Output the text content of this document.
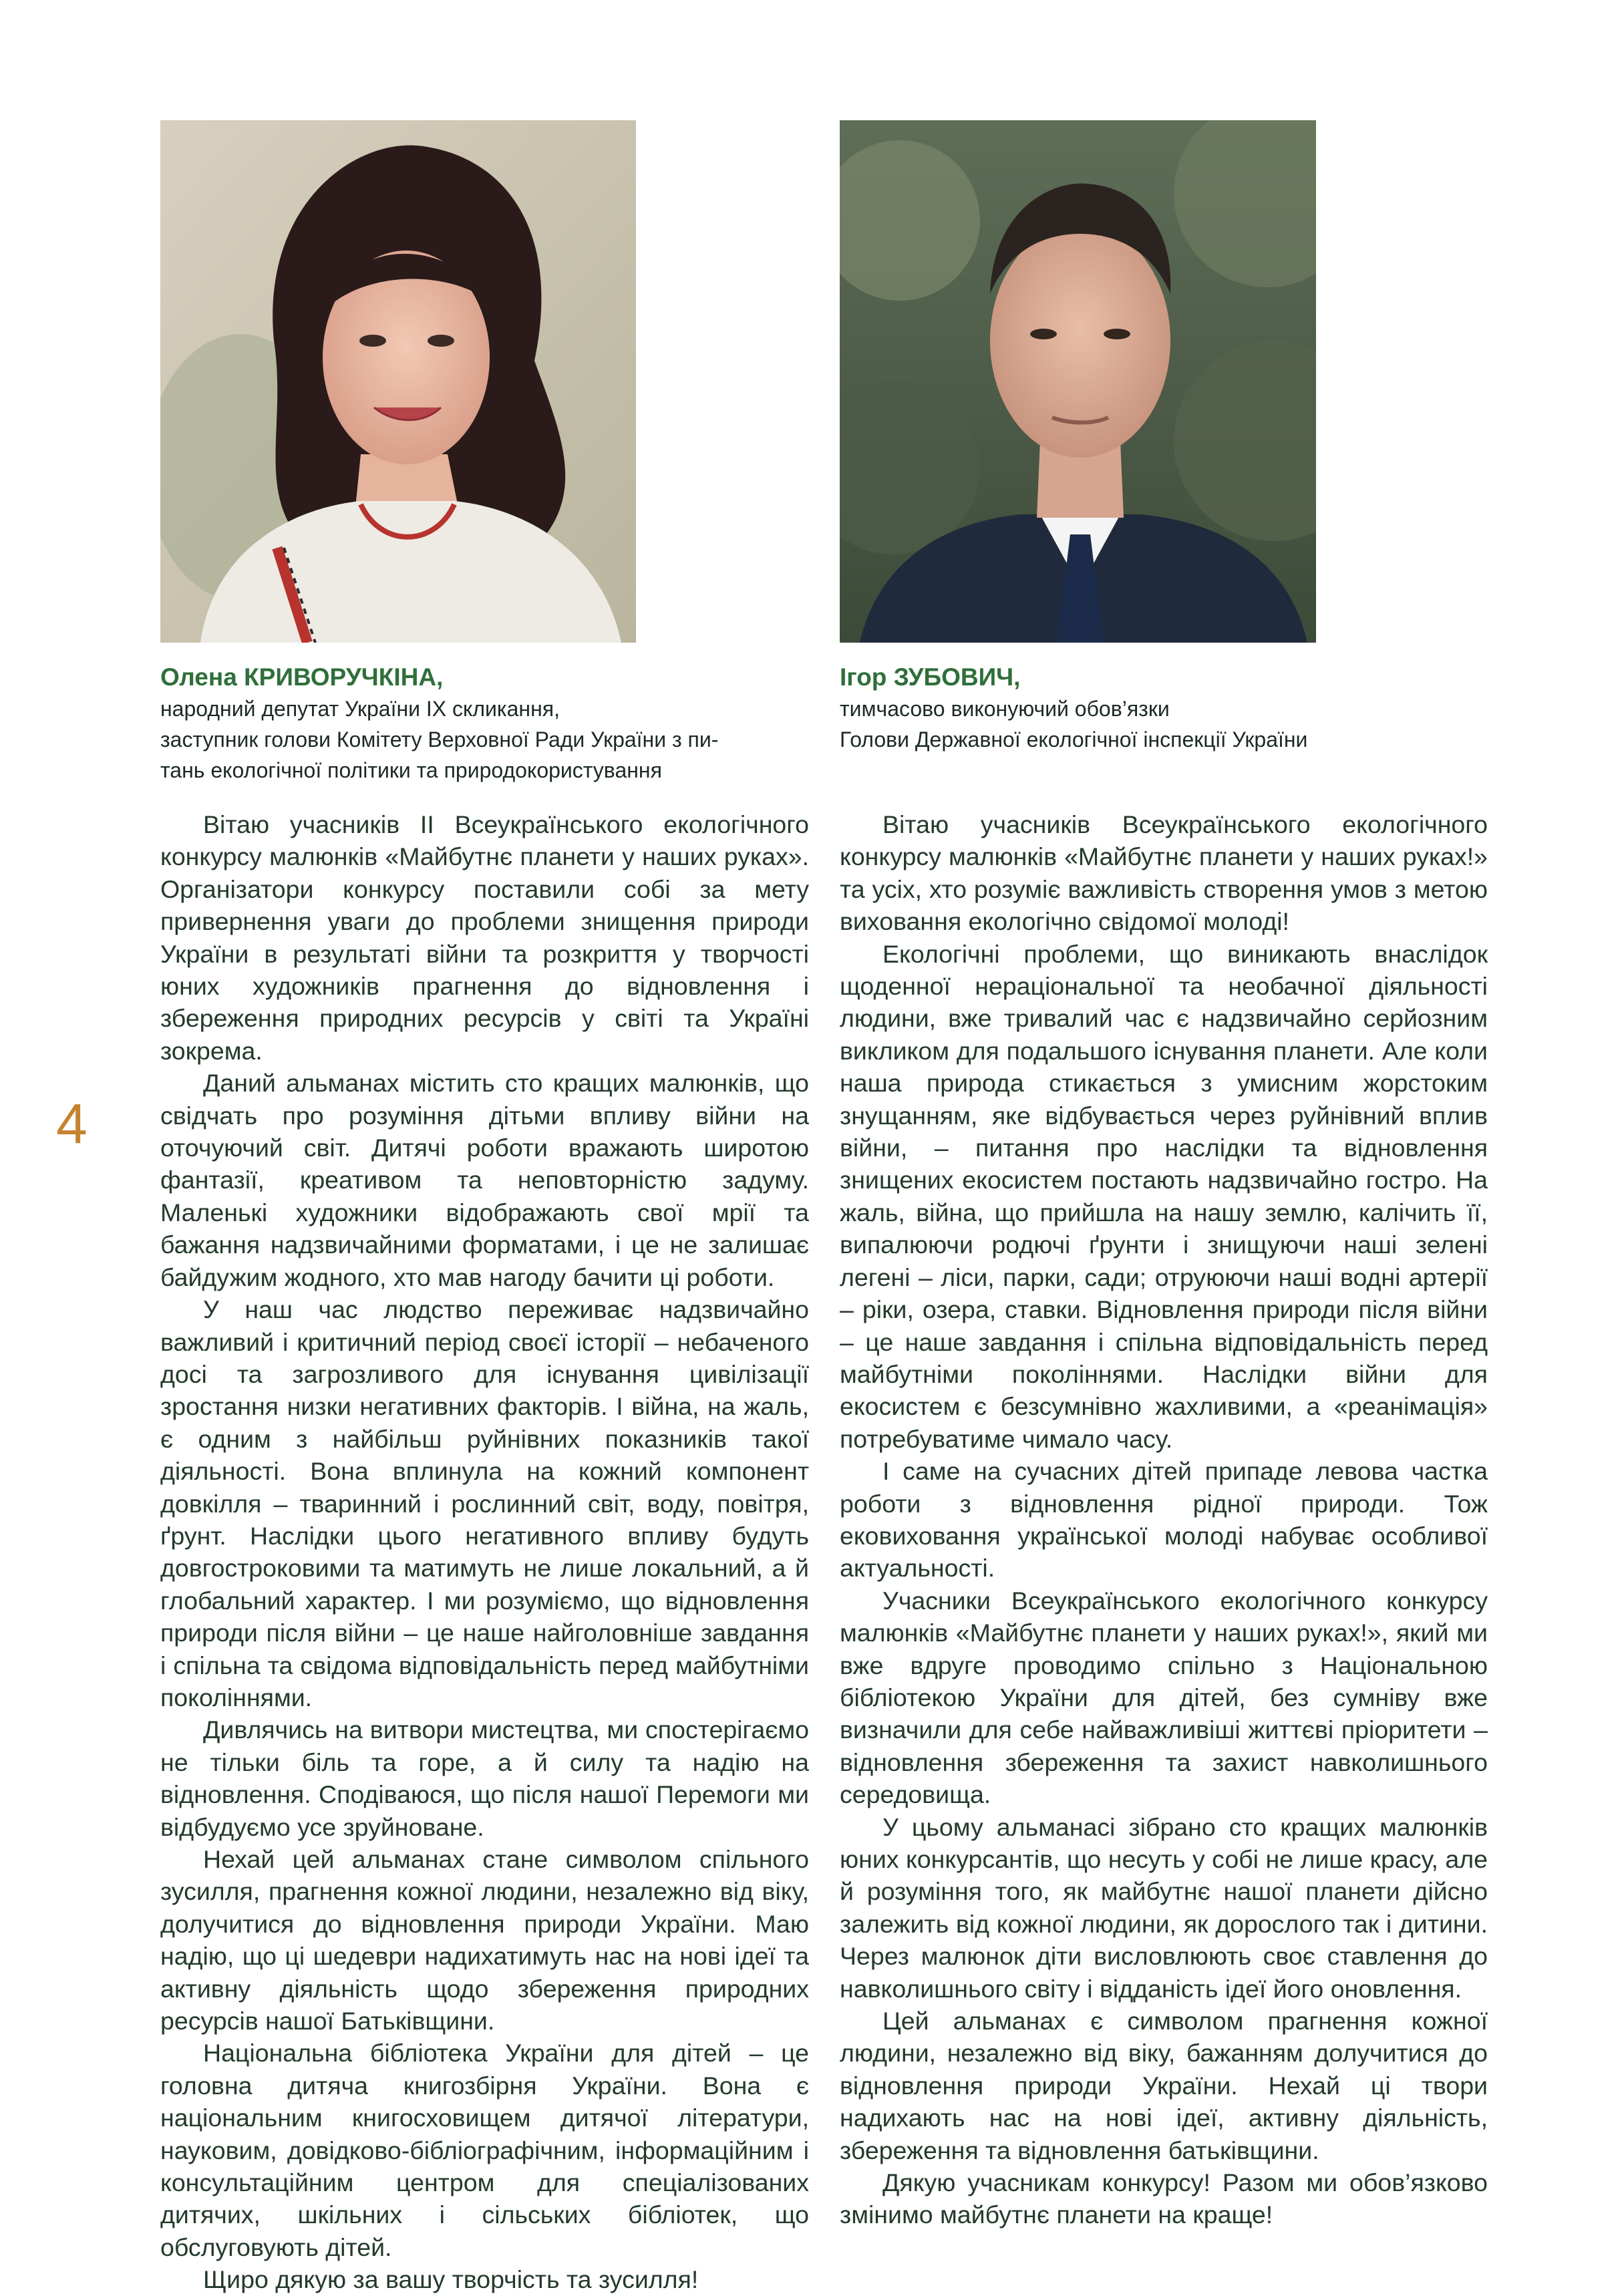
4
Олена КРИВОРУЧКІНА,
народний депутат України IX скликання,
заступник голови Комітету Верховної Ради України з пи-
тань екологічної політики та природокористування
Ігор ЗУБОВИЧ,
тимчасово виконуючий обов’язки
Голови Державної екологічної інспекції України

Вітаю учасників II Всеукраїнського екологічного конкурсу малюнків «Майбутнє планети у наших руках». Організатори конкурсу поставили собі за мету привернення уваги до проблеми знищення природи України в результаті війни та розкриття у творчості юних художників прагнення до відновлення і збереження природних ресурсів у світі та Україні зокрема.

Даний альманах містить сто кращих малюнків, що свідчать про розуміння дітьми впливу війни на оточуючий світ. Дитячі роботи вражають широтою фантазії, креативом та неповторністю задуму. Маленькі художники відображають свої мрії та бажання надзвичайними форматами, і це не залишає байдужим жодного, хто мав нагоду бачити ці роботи.

У наш час людство переживає надзвичайно важливий і критичний період своєї історії – небаченого досі та загрозливого для існування цивілізації зростання низки негативних факторів. І війна, на жаль, є одним з найбільш руйнівних показників такої діяльності. Вона вплинула на кожний компонент довкілля – тваринний і рослинний світ, воду, повітря, ґрунт. Наслідки цього негативного впливу будуть довгостроковими та матимуть не лише локальний, а й глобальний характер. І ми розуміємо, що відновлення природи після війни – це наше найголовніше завдання і спільна та свідома відповідальність перед майбутніми поколіннями.

Дивлячись на витвори мистецтва, ми спостерігаємо не тільки біль та горе, а й силу та надію на відновлення. Сподіваюся, що після нашої Перемоги ми відбудуємо усе зруйноване.

Нехай цей альманах стане символом спільного зусилля, прагнення кожної людини, незалежно від віку, долучитися до відновлення природи України. Маю надію, що ці шедеври надихатимуть нас на нові ідеї та активну діяльність щодо збереження природних ресурсів нашої Батьківщини.

Національна бібліотека України для дітей – це головна дитяча книгозбірня України. Вона є національним книгосховищем дитячої літератури, науковим, довідково-бібліографічним, інформаційним і консультаційним центром для спеціалізованих дитячих, шкільних і сільських бібліотек, що обслуговують дітей.

Щиро дякую за вашу творчість та зусилля!

Вітаю учасників Всеукраїнського екологічного конкурсу малюнків «Майбутнє планети у наших руках!» та усіх, хто розуміє важливість створення умов з метою виховання екологічно свідомої молоді!

Екологічні проблеми, що виникають внаслідок щоденної нераціональної та необачної діяльності людини, вже тривалий час є надзвичайно серйозним викликом для подальшого існування планети. Але коли наша природа стикається з умисним жорстоким знущанням, яке відбувається через руйнівний вплив війни, – питання про наслідки та відновлення знищених екосистем постають надзвичайно гостро. На жаль, війна, що прийшла на нашу землю, калічить її, випалюючи родючі ґрунти і знищуючи наші зелені легені – ліси, парки, сади; отруюючи наші водні артерії – ріки, озера, ставки. Відновлення природи після війни – це наше завдання і спільна відповідальність перед майбутніми поколіннями. Наслідки війни для екосистем є безсумнівно жахливими, а «реанімація» потребуватиме чимало часу.

І саме на сучасних дітей припаде левова частка роботи з відновлення рідної природи. Тож ековиховання української молоді набуває особливої актуальності.

Учасники Всеукраїнського екологічного конкурсу малюнків «Майбутнє планети у наших руках!», який ми вже вдруге проводимо спільно з Національною бібліотекою України для дітей, без сумніву вже визначили для себе найважливіші життєві пріоритети – відновлення збереження та захист навколишнього середовища.

У цьому альманасі зібрано сто кращих малюнків юних конкурсантів, що несуть у собі не лише красу, але й розуміння того, як майбутнє нашої планети дійсно залежить від кожної людини, як дорослого так і дитини. Через малюнок діти висловлюють своє ставлення до навколишнього світу і відданість ідеї його оновлення.

Цей альманах є символом прагнення кожної людини, незалежно від віку, бажанням долучитися до відновлення природи України. Нехай ці твори надихають нас на нові ідеї, активну діяльність, збереження та відновлення батьківщини.

Дякую учасникам конкурсу! Разом ми обов’язково змінимо майбутнє планети на краще!
